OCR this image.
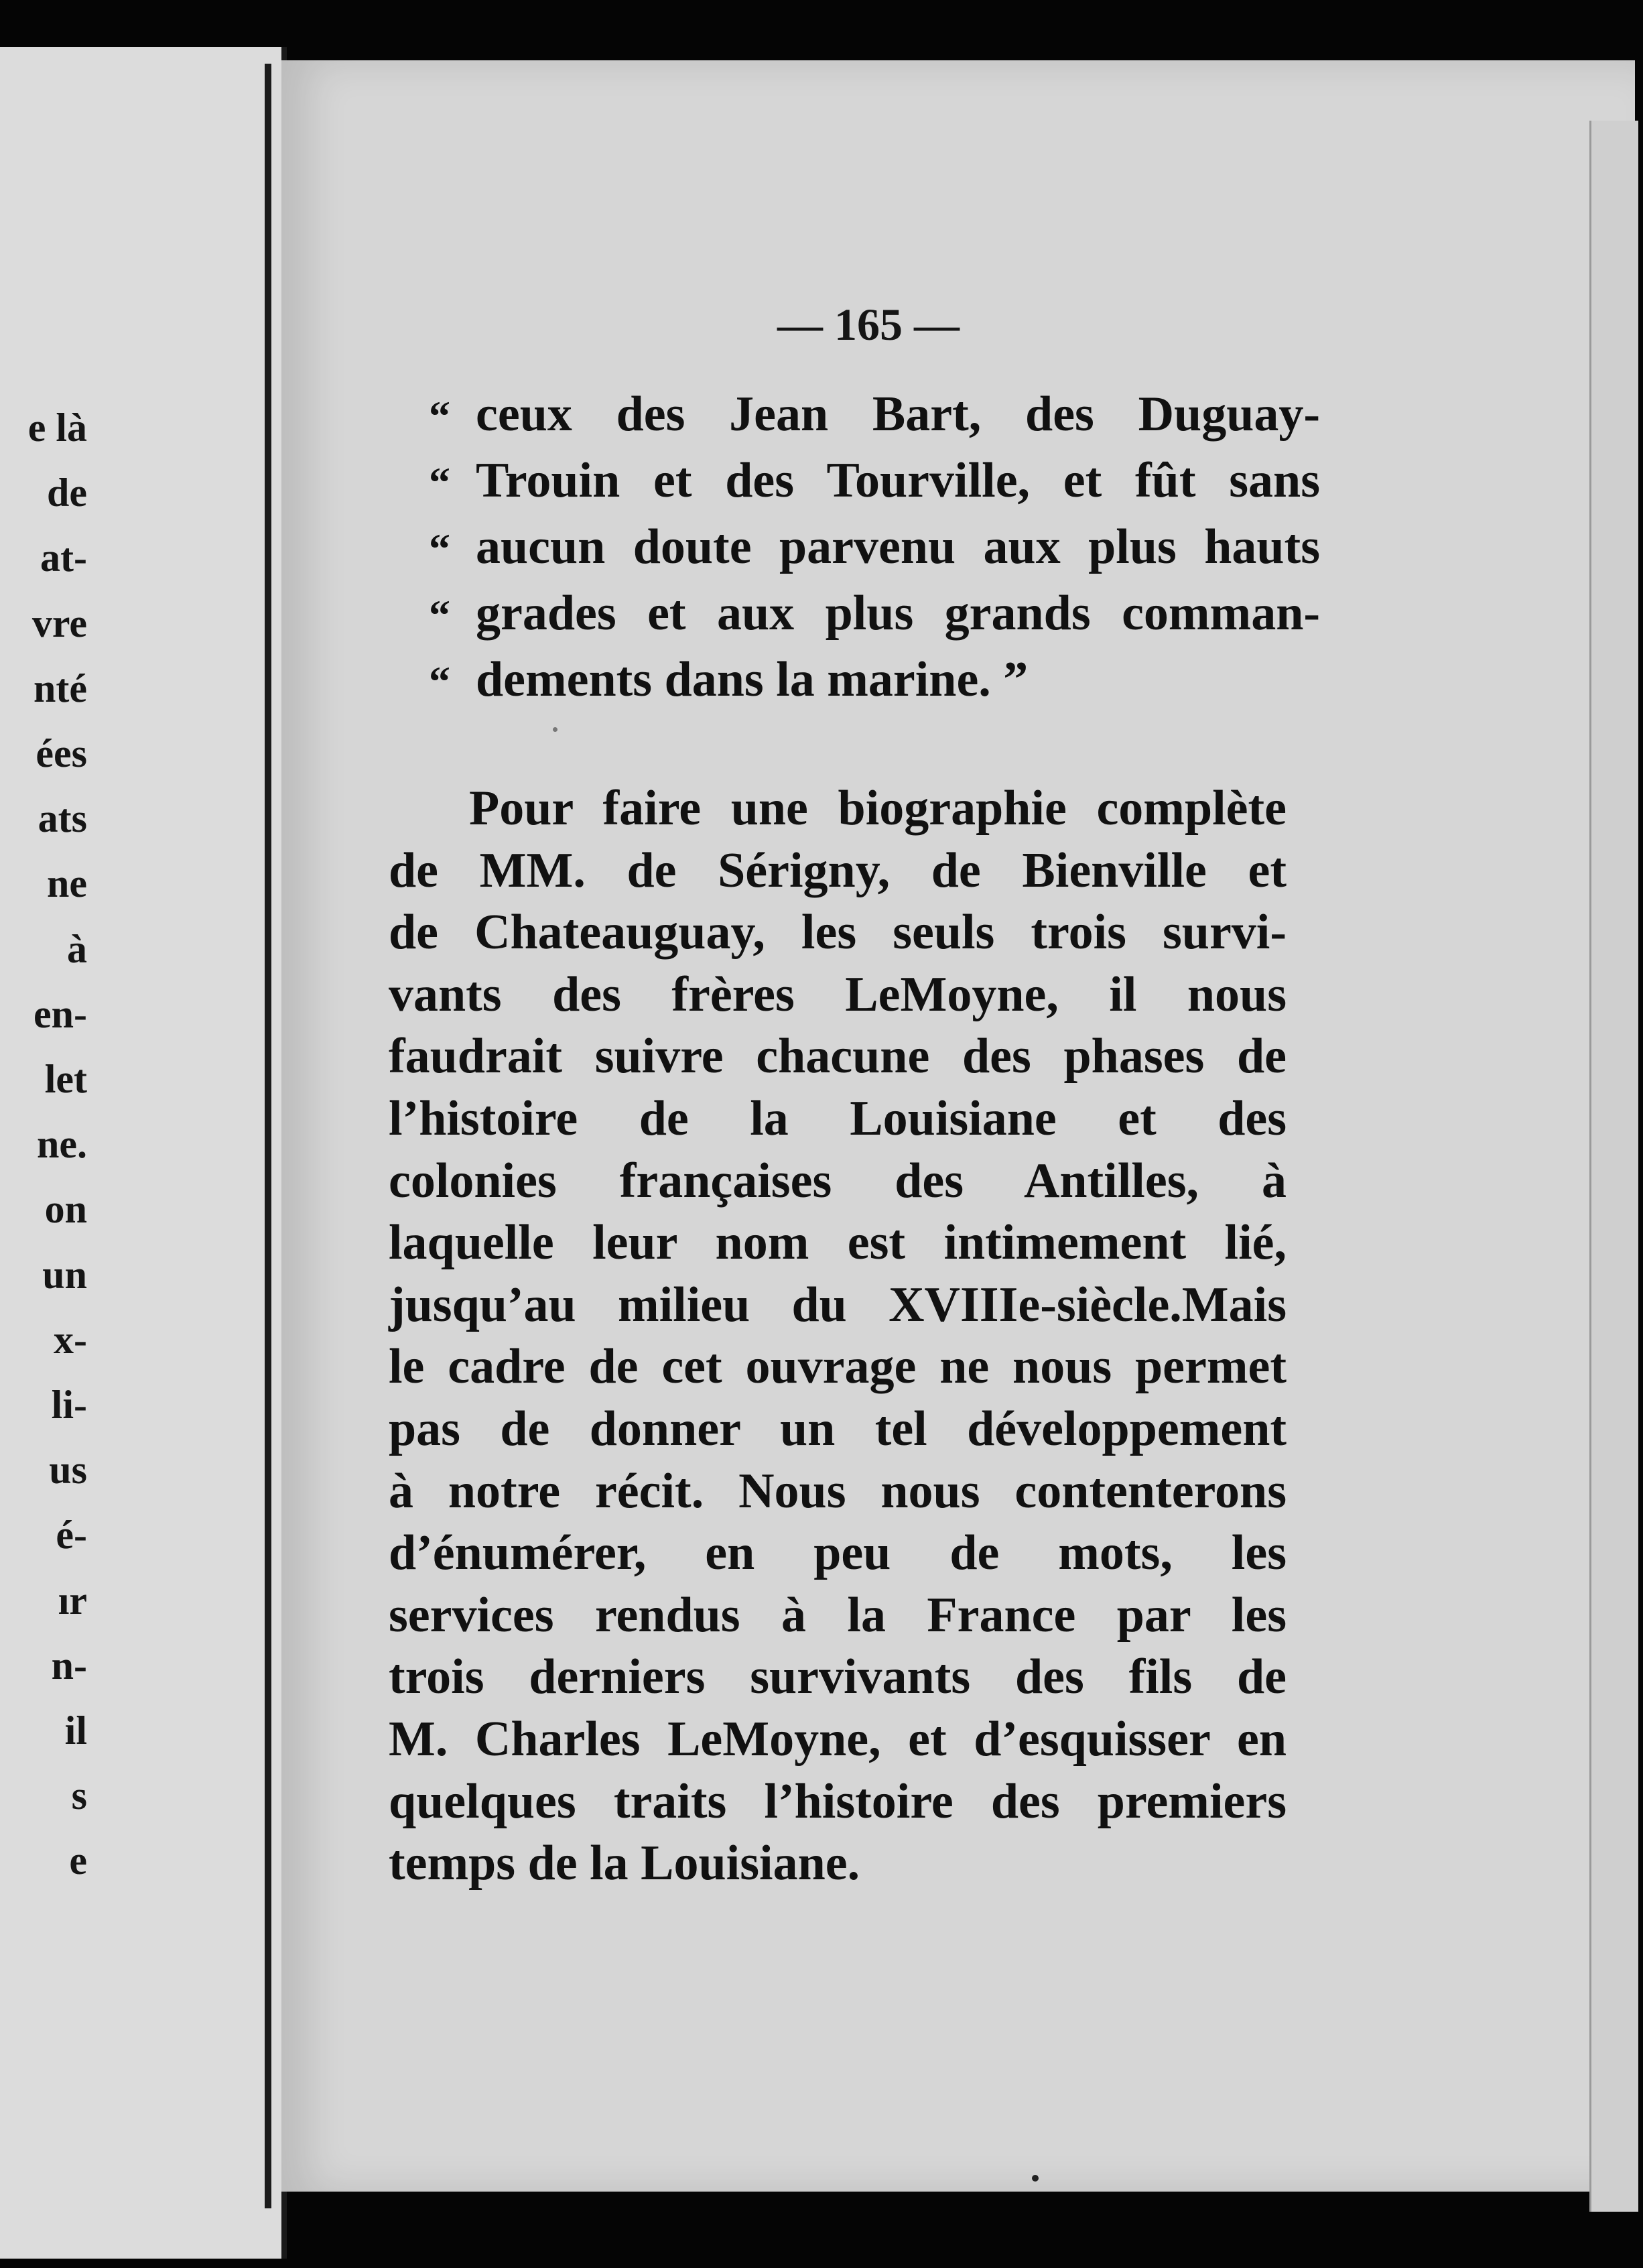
e là
de
at-
vre
nté
ées
ats
ne
à
en-
let
ne.
on
un
x-
li-
us
é-
ır
n-
il
s
e
— 165 —
“ ceux des Jean Bart, des Duguay-
“ Trouin et des Tourville, et fût sans
“ aucun doute parvenu aux plus hauts
“ grades et aux plus grands comman-
“ dements dans la marine. ”
Pour faire une biographie complète
de MM. de Sérigny, de Bienville et
de Chateauguay, les seuls trois survi-
vants des frères LeMoyne, il nous
faudrait suivre chacune des phases de
l’histoire de la Louisiane et des
colonies françaises des Antilles, à
laquelle leur nom est intimement lié,
jusqu’au milieu du XVIIIe-siècle.Mais
le cadre de cet ouvrage ne nous permet
pas de donner un tel développement
à notre récit. Nous nous contenterons
d’énumérer, en peu de mots, les
services rendus à la France par les
trois derniers survivants des fils de
M. Charles LeMoyne, et d’esquisser en
quelques traits l’histoire des premiers
temps de la Louisiane.
